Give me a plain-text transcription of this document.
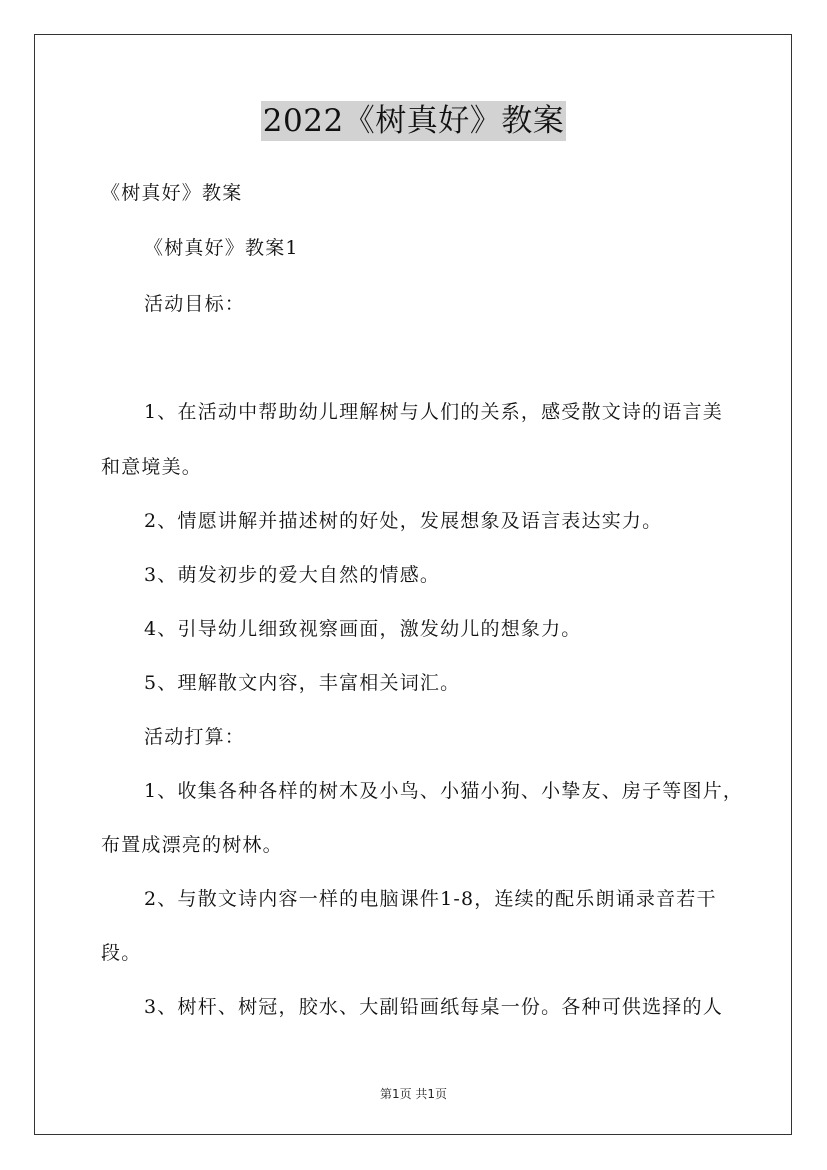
2022《树真好》教案
《树真好》教案
《树真好》教案1
活动目标：
1、在活动中帮助幼儿理解树与人们的关系，感受散文诗的语言美
和意境美。
2、情愿讲解并描述树的好处，发展想象及语言表达实力。
3、萌发初步的爱大自然的情感。
4、引导幼儿细致视察画面，激发幼儿的想象力。
5、理解散文内容，丰富相关词汇。
活动打算：
1、收集各种各样的树木及小鸟、小猫小狗、小挚友、房子等图片，
布置成漂亮的树林。
2、与散文诗内容一样的电脑课件1-8，连续的配乐朗诵录音若干
段。
3、树杆、树冠，胶水、大副铅画纸每桌一份。各种可供选择的人
第1页 共1页
